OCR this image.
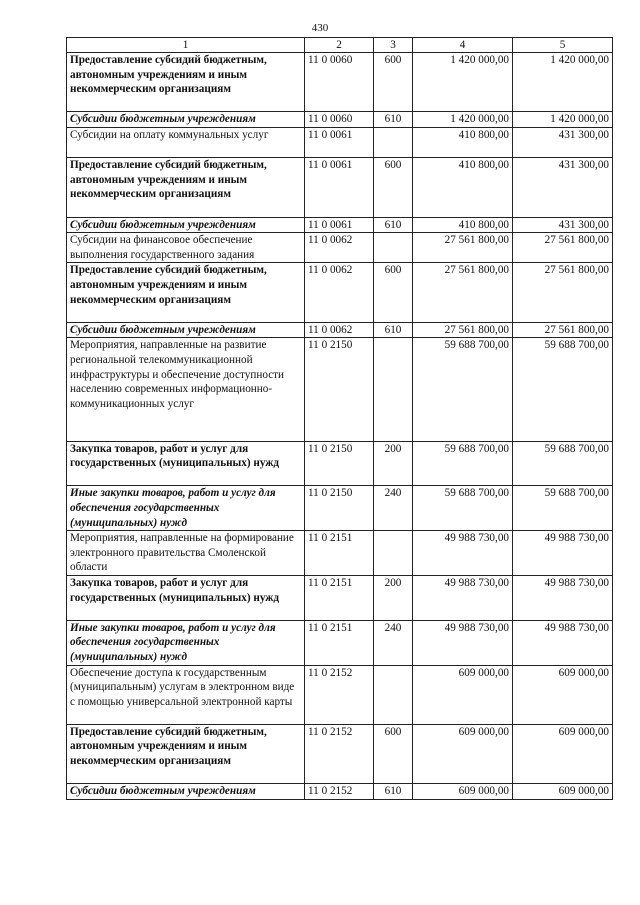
430
1	2	3	4	5
Предоставление субсидий бюджетным, автономным учреждениям и иным некоммерческим организациям	11 0 0060	600	1 420 000,00	1 420 000,00
Субсидии бюджетным учреждениям	11 0 0060	610	1 420 000,00	1 420 000,00
Субсидии на оплату коммунальных услуг	11 0 0061		410 800,00	431 300,00
Предоставление субсидий бюджетным, автономным учреждениям и иным некоммерческим организациям	11 0 0061	600	410 800,00	431 300,00
Субсидии бюджетным учреждениям	11 0 0061	610	410 800,00	431 300,00
Субсидии на финансовое обеспечение выполнения государственного задания	11 0 0062		27 561 800,00	27 561 800,00
Предоставление субсидий бюджетным, автономным учреждениям и иным некоммерческим организациям	11 0 0062	600	27 561 800,00	27 561 800,00
Субсидии бюджетным учреждениям	11 0 0062	610	27 561 800,00	27 561 800,00
Мероприятия, направленные на развитие региональной телекоммуникационной инфраструктуры и обеспечение доступности населению современных информационно-коммуникационных услуг	11 0 2150		59 688 700,00	59 688 700,00
Закупка товаров, работ и услуг для государственных (муниципальных) нужд	11 0 2150	200	59 688 700,00	59 688 700,00
Иные закупки товаров, работ и услуг для обеспечения государственных (муниципальных) нужд	11 0 2150	240	59 688 700,00	59 688 700,00
Мероприятия, направленные на формирование электронного правительства Смоленской области	11 0 2151		49 988 730,00	49 988 730,00
Закупка товаров, работ и услуг для государственных (муниципальных) нужд	11 0 2151	200	49 988 730,00	49 988 730,00
Иные закупки товаров, работ и услуг для обеспечения государственных (муниципальных) нужд	11 0 2151	240	49 988 730,00	49 988 730,00
Обеспечение доступа к государственным (муниципальным) услугам в электронном виде с помощью универсальной электронной карты	11 0 2152		609 000,00	609 000,00
Предоставление субсидий бюджетным, автономным учреждениям и иным некоммерческим организациям	11 0 2152	600	609 000,00	609 000,00
Субсидии бюджетным учреждениям	11 0 2152	610	609 000,00	609 000,00
